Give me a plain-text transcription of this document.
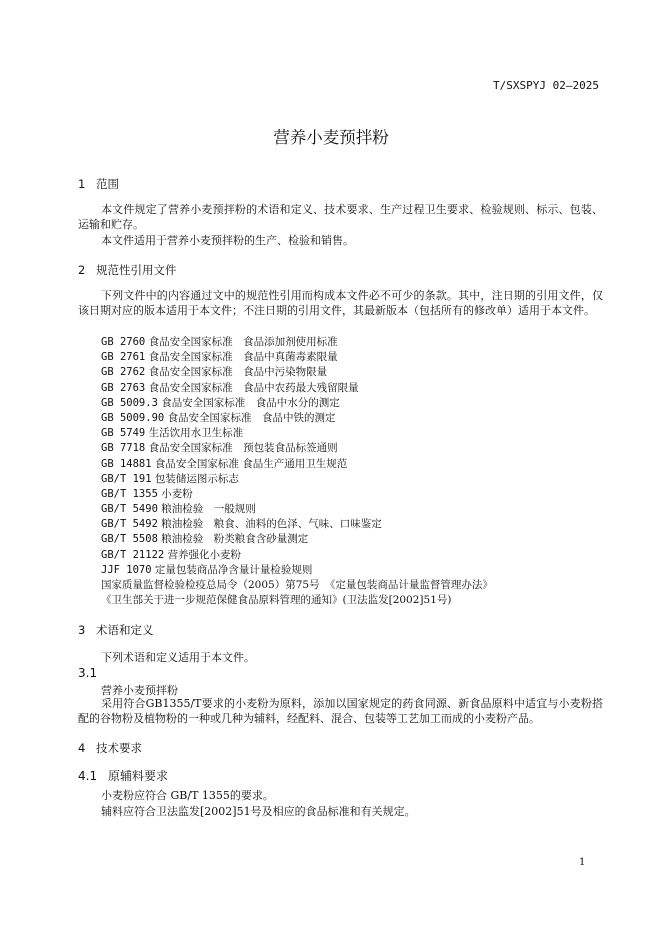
T/SXSPYJ 02—2025
营养小麦预拌粉
1 范围

本文件规定了营养小麦预拌粉的术语和定义、技术要求、生产过程卫生要求、检验规则、标示、包装、运输和贮存。

本文件适用于营养小麦预拌粉的生产、检验和销售。

2 规范性引用文件

下列文件中的内容通过文中的规范性引用而构成本文件必不可少的条款。其中，注日期的引用文件，仅该日期对应的版本适用于本文件；不注日期的引用文件，其最新版本（包括所有的修改单）适用于本文件。

GB 2760 食品安全国家标准　食品添加剂使用标准
GB 2761 食品安全国家标准　食品中真菌毒素限量
GB 2762 食品安全国家标准　食品中污染物限量
GB 2763 食品安全国家标准　食品中农药最大残留限量
GB 5009.3 食品安全国家标准　食品中水分的测定
GB 5009.90 食品安全国家标准　食品中铁的测定
GB 5749 生活饮用水卫生标准
GB 7718 食品安全国家标准　预包装食品标签通则
GB 14881 食品安全国家标准 食品生产通用卫生规范
GB/T 191 包装储运图示标志
GB/T 1355 小麦粉
GB/T 5490 粮油检验　一般规则
GB/T 5492 粮油检验　粮食、油料的色泽、气味、口味鉴定
GB/T 5508 粮油检验　粉类粮食含砂量测定
GB/T 21122 营养强化小麦粉
JJF 1070 定量包装商品净含量计量检验规则
国家质量监督检验检疫总局令（2005）第75号　《定量包装商品计量监督管理办法》
《卫生部关于进一步规范保健食品原料管理的通知》(卫法监发[2002]51号)
3 术语和定义

下列术语和定义适用于本文件。

3.1
营养小麦预拌粉

采用符合GB1355/T要求的小麦粉为原料，添加以国家规定的药食同源、新食品原料中适宜与小麦粉搭配的谷物粉及植物粉的一种或几种为辅料，经配料、混合、包装等工艺加工而成的小麦粉产品。

4 技术要求
4.1 原辅料要求
小麦粉应符合 GB/T 1355的要求。
辅料应符合卫法监发[2002]51号及相应的食品标准和有关规定。
1
